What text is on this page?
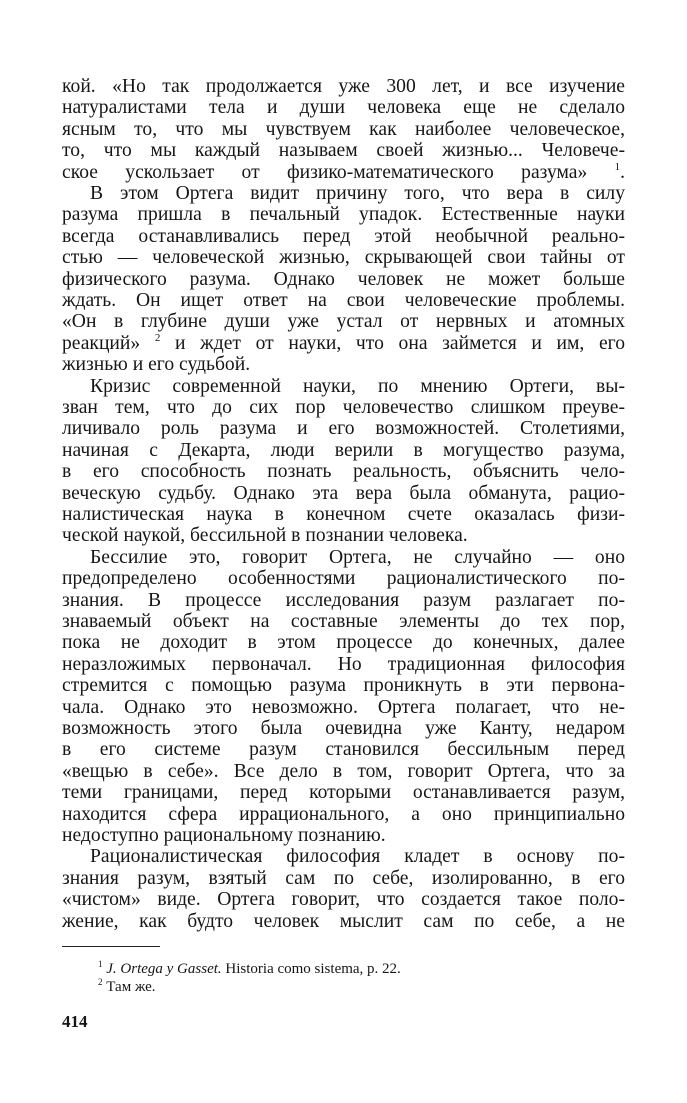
кой. «Но так продолжается уже 300 лет, и все изучение
натуралистами тела и души человека еще не сделало
ясным то, что мы чувствуем как наиболее человеческое,
то, что мы каждый называем своей жизнью... Человече-
ское ускользает от физико-математического разума» $^1$.
В этом Ортега видит причину того, что вера в силу
разума пришла в печальный упадок. Естественные науки
всегда останавливались перед этой необычной реально-
стью — человеческой жизнью, скрывающей свои тайны от
физического разума. Однако человек не может больше
ждать. Он ищет ответ на свои человеческие проблемы.
«Он в глубине души уже устал от нервных и атомных
реакций» $^2$ и ждет от науки, что она займется и им, его
жизнью и его судьбой.
Кризис современной науки, по мнению Ортеги, вы-
зван тем, что до сих пор человечество слишком преуве-
личивало роль разума и его возможностей. Столетиями,
начиная с Декарта, люди верили в могущество разума,
в его способность познать реальность, объяснить чело-
веческую судьбу. Однако эта вера была обманута, рацио-
налистическая наука в конечном счете оказалась физи-
ческой наукой, бессильной в познании человека.
Бессилие это, говорит Ортега, не случайно — оно
предопределено особенностями рационалистического по-
знания. В процессе исследования разум разлагает по-
знаваемый объект на составные элементы до тех пор,
пока не доходит в этом процессе до конечных, далее
неразложимых первоначал. Но традиционная философия
стремится с помощью разума проникнуть в эти первона-
чала. Однако это невозможно. Ортега полагает, что не-
возможность этого была очевидна уже Канту, недаром
в его системе разум становился бессильным перед
«вещью в себе». Все дело в том, говорит Ортега, что за
теми границами, перед которыми останавливается разум,
находится сфера иррационального, а оно принципиально
недоступно рациональному познанию.
Рационалистическая философия кладет в основу по-
знания разум, взятый сам по себе, изолированно, в его
«чистом» виде. Ортега говорит, что создается такое поло-
жение, как будто человек мыслит сам по себе, а не
$^1$ J. Ortega y Gasset. Historia como sistema, p. 22.
$^2$ Там же.
414
